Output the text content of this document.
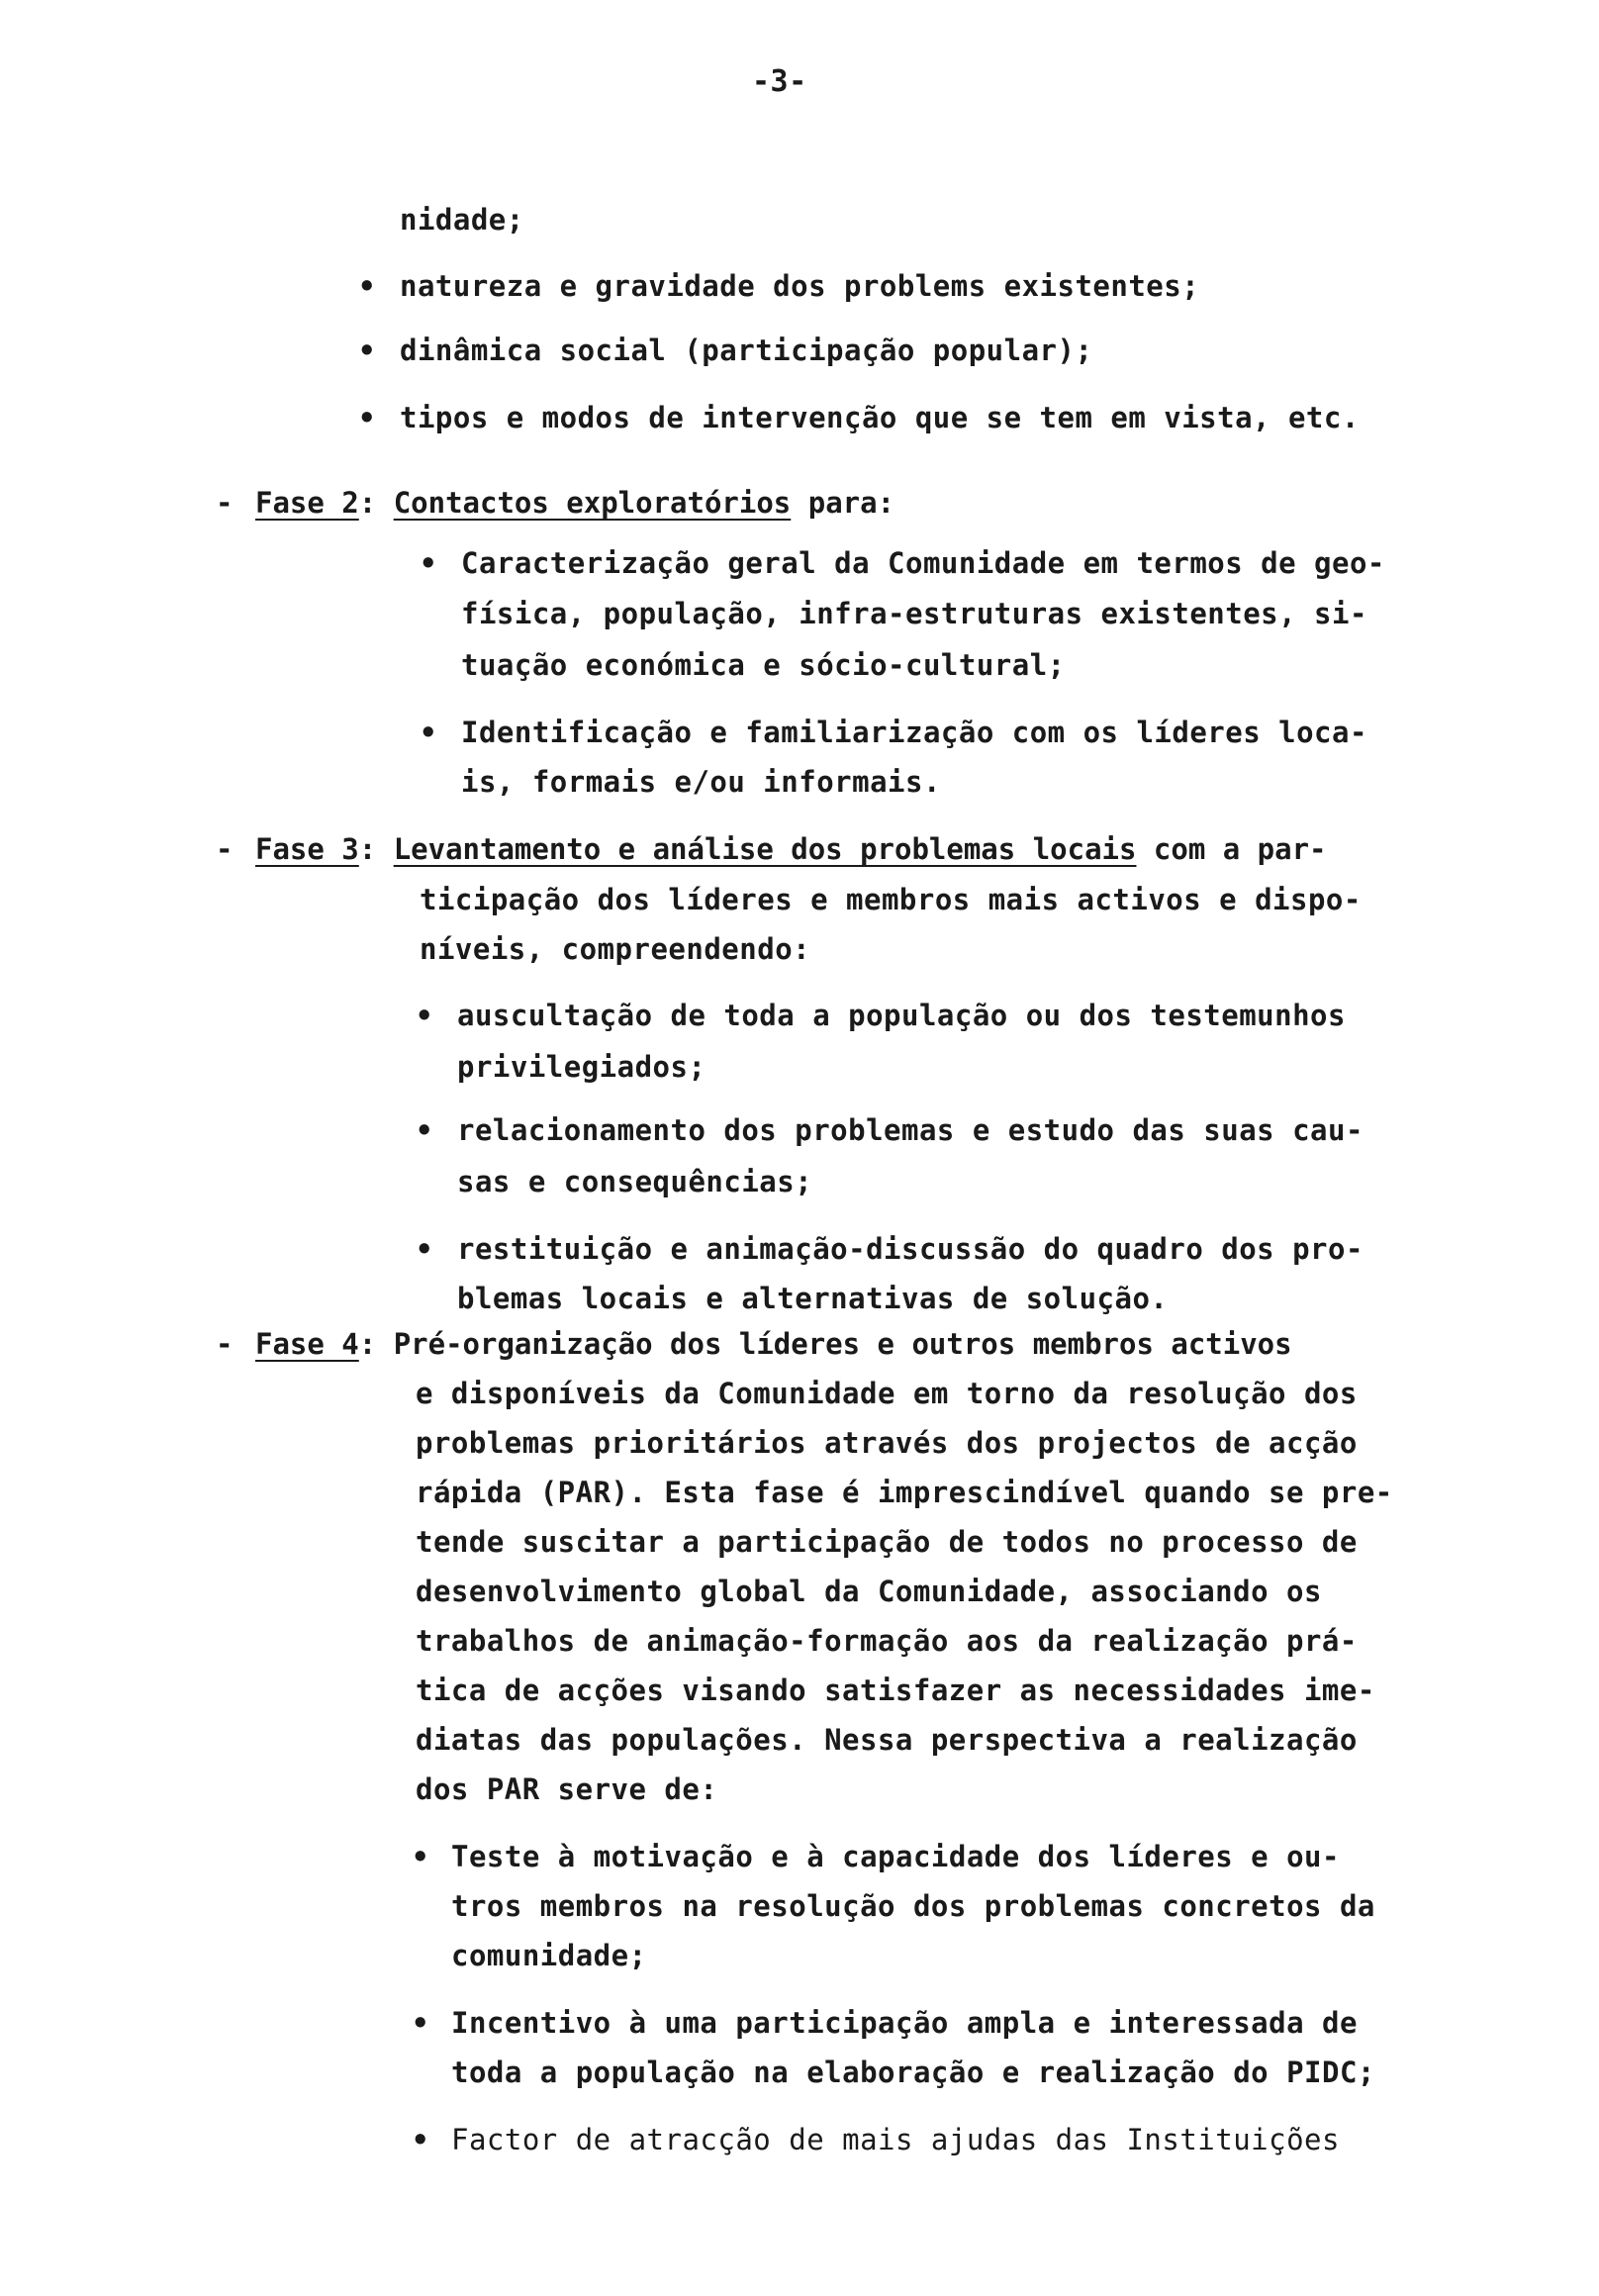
-3-
nidade;
• natureza e gravidade dos problems existentes;
• dinâmica social (participação popular);
• tipos e modos de intervenção que se tem em vista, etc.
- Fase 2: Contactos exploratórios para:
• Caracterização geral da Comunidade em termos de geo-
física, população, infra-estruturas existentes, si-
tuação económica e sócio-cultural;
• Identificação e familiarização com os líderes loca-
is, formais e/ou informais.
- Fase 3: Levantamento e análise dos problemas locais com a par-
ticipação dos líderes e membros mais activos e dispo-
níveis, compreendendo:
• auscultação de toda a população ou dos testemunhos
privilegiados;
• relacionamento dos problemas e estudo das suas cau-
sas e consequências;
• restituição e animação-discussão do quadro dos pro-
blemas locais e alternativas de solução.
- Fase 4: Pré-organização dos líderes e outros membros activos
e disponíveis da Comunidade em torno da resolução dos
problemas prioritários através dos projectos de acção
rápida (PAR). Esta fase é imprescindível quando se pre-
tende suscitar a participação de todos no processo de
desenvolvimento global da Comunidade, associando os
trabalhos de animação-formação aos da realização prá-
tica de acções visando satisfazer as necessidades ime-
diatas das populações. Nessa perspectiva a realização
dos PAR serve de:
• Teste à motivação e à capacidade dos líderes e ou-
tros membros na resolução dos problemas concretos da
comunidade;
• Incentivo à uma participação ampla e interessada de
toda a população na elaboração e realização do PIDC;
• Factor de atracção de mais ajudas das Instituições
